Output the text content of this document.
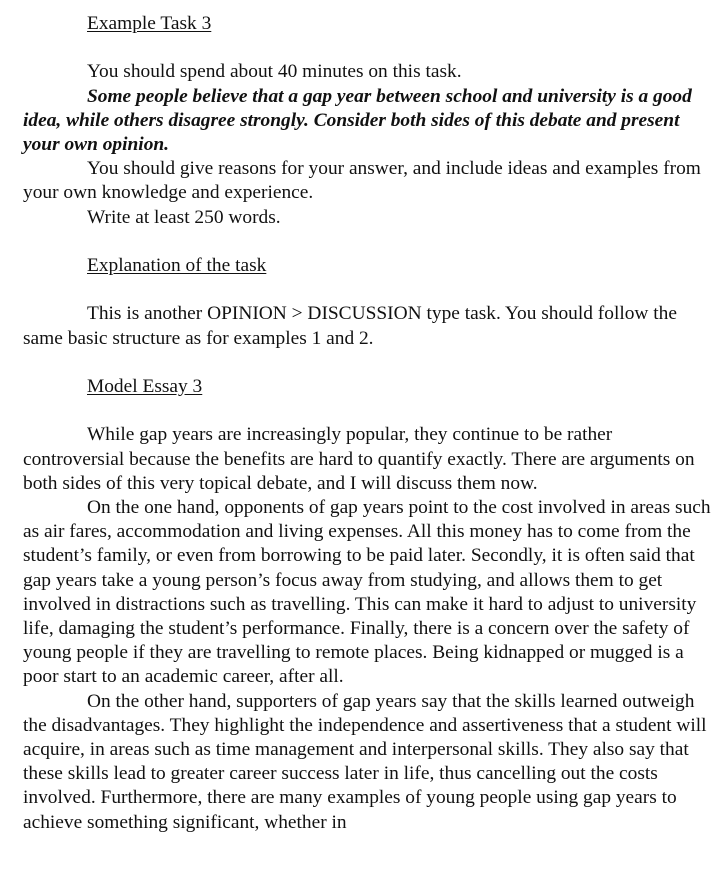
Example Task 3

You should spend about 40 minutes on this task.

Some people believe that a gap year between school and university is a good idea, while others disagree strongly. Consider both sides of this debate and present your own opinion.

You should give reasons for your answer, and include ideas and examples from your own knowledge and experience.

Write at least 250 words.

Explanation of the task

This is another OPINION > DISCUSSION type task. You should follow the same basic structure as for examples 1 and 2.

Model Essay 3

While gap years are increasingly popular, they continue to be rather controversial because the benefits are hard to quantify exactly. There are arguments on both sides of this very topical debate, and I will discuss them now.

On the one hand, opponents of gap years point to the cost involved in areas such as air fares, accommodation and living expenses. All this money has to come from the student’s family, or even from borrowing to be paid later. Secondly, it is often said that gap years take a young person’s focus away from studying, and allows them to get involved in distractions such as travelling. This can make it hard to adjust to university life, damaging the student’s performance. Finally, there is a concern over the safety of young people if they are travelling to remote places. Being kidnapped or mugged is a poor start to an academic career, after all.

On the other hand, supporters of gap years say that the skills learned outweigh the disadvantages. They highlight the independence and assertiveness that a student will acquire, in areas such as time management and interpersonal skills. They also say that these skills lead to greater career success later in life, thus cancelling out the costs involved. Furthermore, there are many examples of young people using gap years to achieve something significant, whether in
